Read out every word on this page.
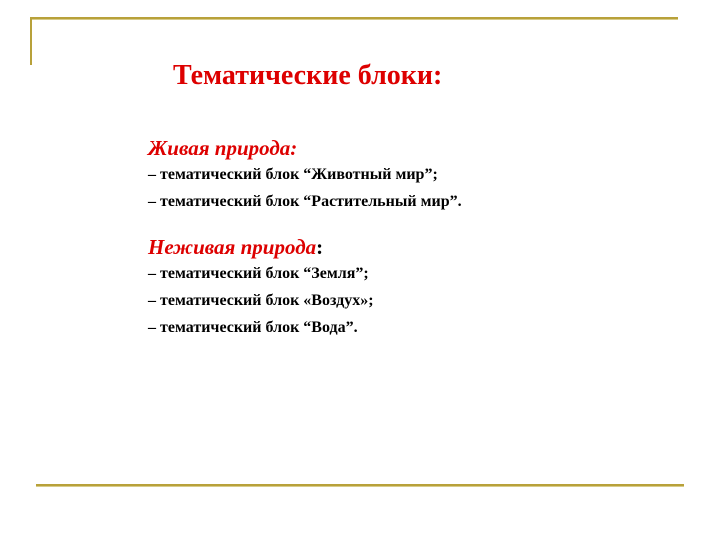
Тематические блоки:
Живая природа:
– тематический блок “Животный мир”;
– тематический блок “Растительный мир”.
Неживая природа:
– тематический блок “Земля”;
– тематический блок «Воздух»;
– тематический блок “Вода”.
